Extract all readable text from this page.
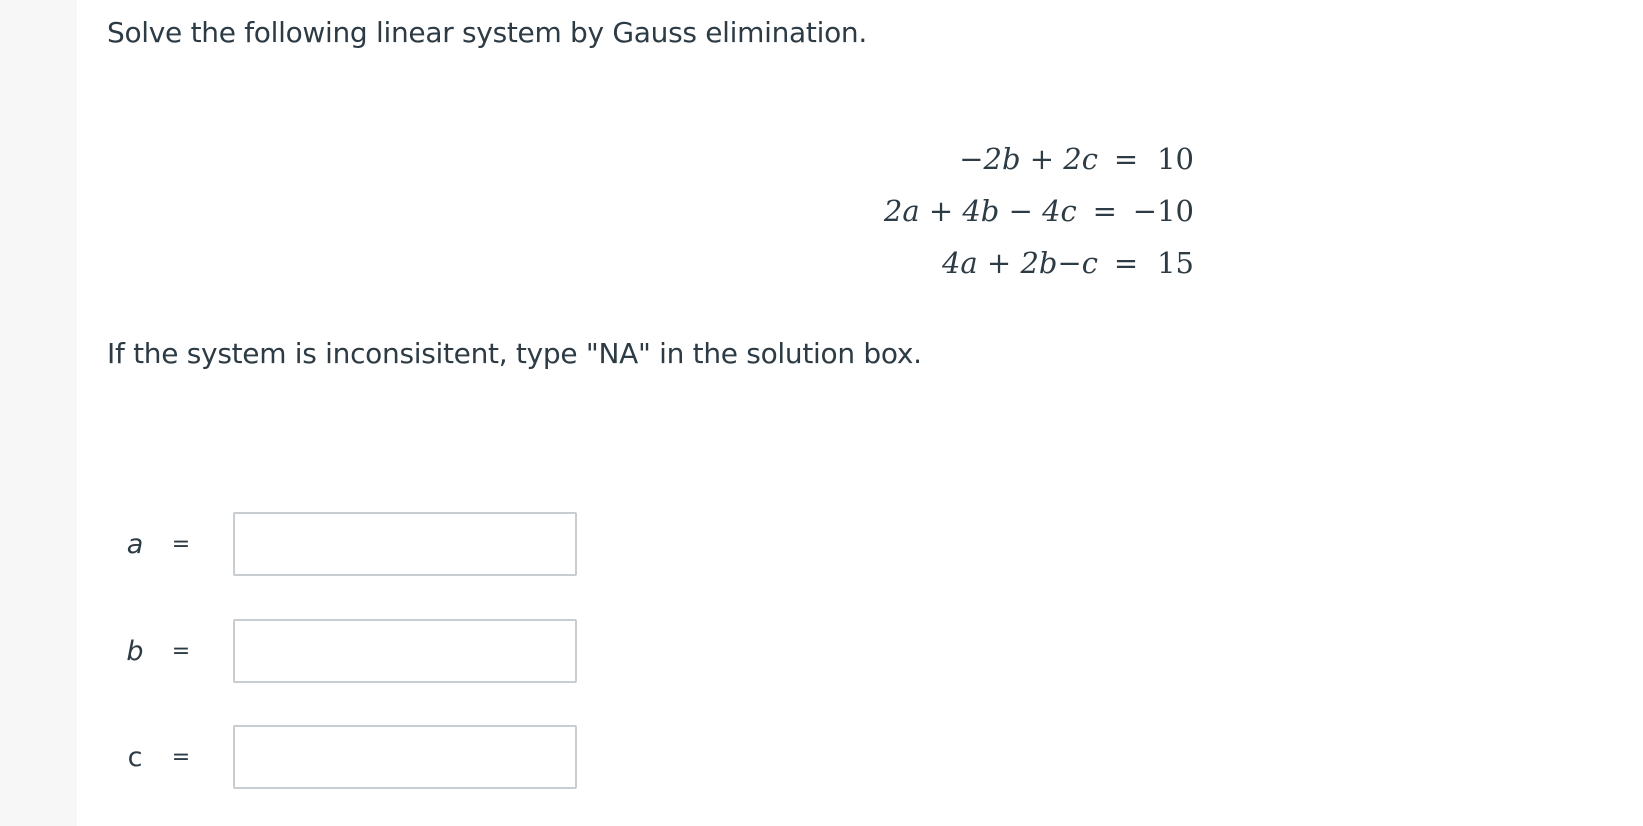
Solve the following linear system by Gauss elimination.
−2b + 2c = 10
2a + 4b − 4c = −10
4a + 2b−c = 15
If the system is inconsisitent, type "NA" in the solution box.
a	=
b	=
c	=
